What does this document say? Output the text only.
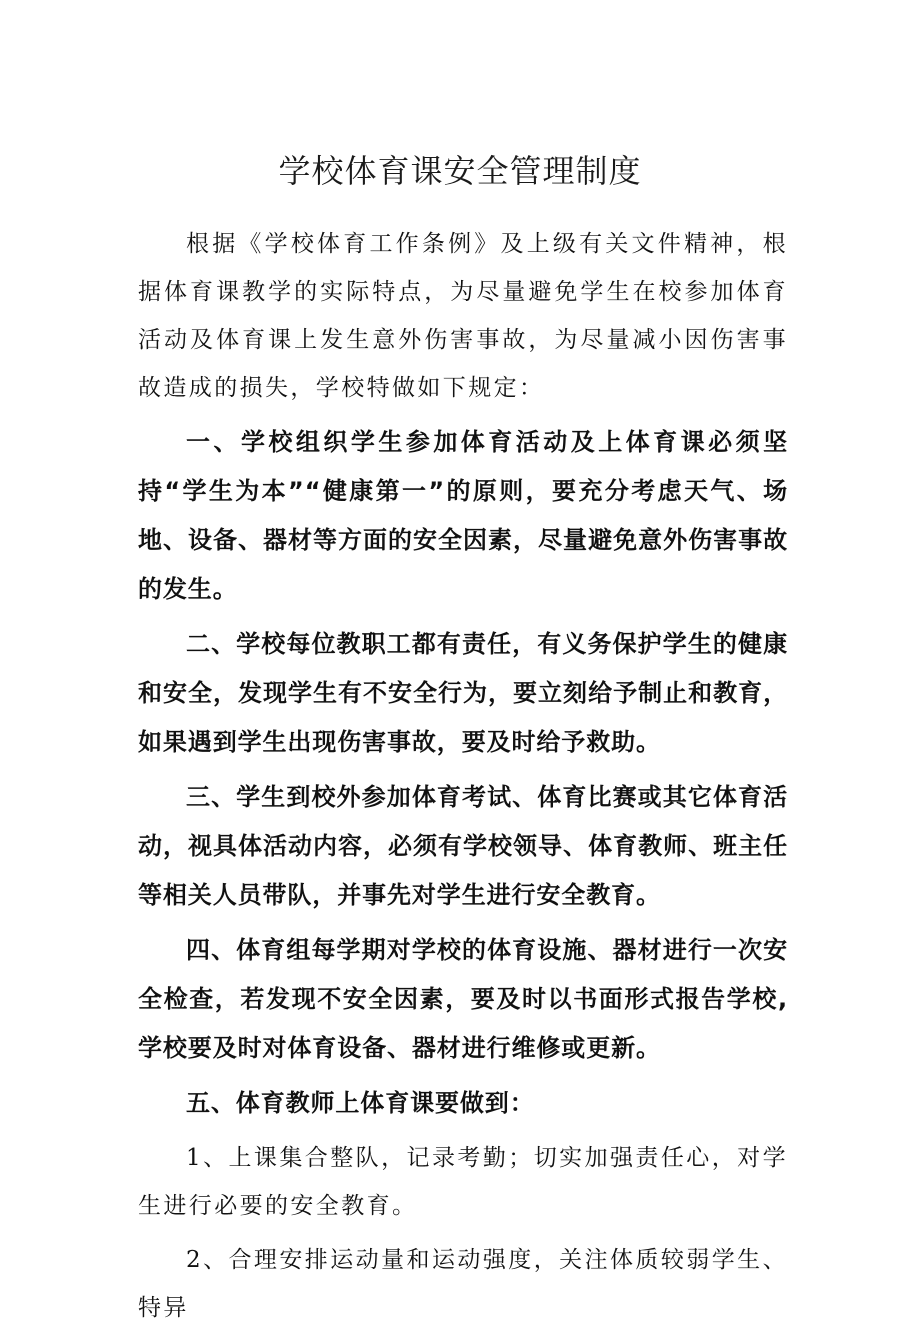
学校体育课安全管理制度

根据《学校体育工作条例》及上级有关文件精神，根据体育课教学的实际特点，为尽量避免学生在校参加体育活动及体育课上发生意外伤害事故，为尽量减小因伤害事故造成的损失，学校特做如下规定：

一、学校组织学生参加体育活动及上体育课必须坚持“学生为本”“健康第一”的原则，要充分考虑天气、场地、设备、器材等方面的安全因素，尽量避免意外伤害事故的发生。

二、学校每位教职工都有责任，有义务保护学生的健康和安全，发现学生有不安全行为，要立刻给予制止和教育，如果遇到学生出现伤害事故，要及时给予救助。

三、学生到校外参加体育考试、体育比赛或其它体育活动，视具体活动内容，必须有学校领导、体育教师、班主任等相关人员带队，并事先对学生进行安全教育。

四、体育组每学期对学校的体育设施、器材进行一次安全检查，若发现不安全因素，要及时以书面形式报告学校,学校要及时对体育设备、器材进行维修或更新。

五、体育教师上体育课要做到：

1、上课集合整队，记录考勤；切实加强责任心，对学生进行必要的安全教育。

2、合理安排运动量和运动强度，关注体质较弱学生、特异
